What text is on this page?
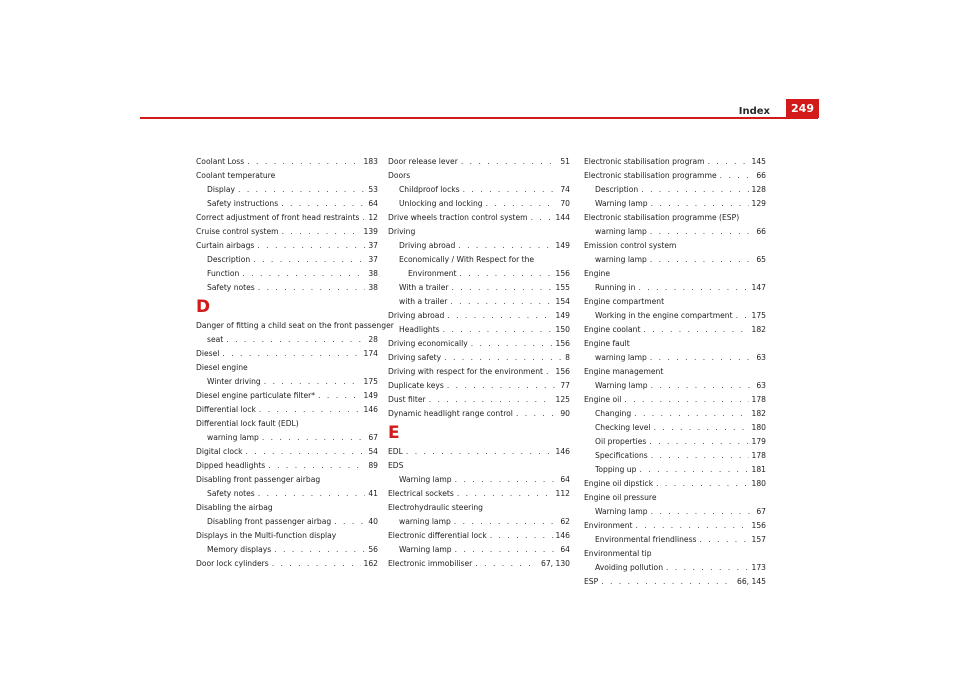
Index	249
Coolant Loss . . .	183
Coolant temperature
Display . . .	53
Safety instructions . . .	64
Correct adjustment of front head restraints . . . 12
Cruise control system . . .	139
Curtain airbags . . .	37
Description . . .	37
Function . . .	38
Safety notes . . .	38
D
Danger of fitting a child seat on the front passenger
seat . . .	28
Diesel . . .	174
Diesel engine
Winter driving . . .	175
Diesel engine particulate filter* . . .	149
Differential lock . . .	146
Differential lock fault (EDL)
warning lamp . . .	67
Digital clock . . .	54
Dipped headlights . . .	89
Disabling front passenger airbag
Safety notes . . .	41
Disabling the airbag
Disabling front passenger airbag . . .	40
Displays in the Multi-function display
Memory displays . . .	56
Door lock cylinders . . .	162
Door release lever . . .	51
Doors
Childproof locks . . .	74
Unlocking and locking . . .	70
Drive wheels traction control system . . .	144
Driving
Driving abroad . . .	149
Economically / With Respect for the
Environment . . .	156
With a trailer . . .	155
with a trailer . . .	154
Driving abroad . . .	149
Headlights . . .	150
Driving economically . . .	156
Driving safety . . .	8
Driving with respect for the environment . . . 156
Duplicate keys . . .	77
Dust filter . . .	125
Dynamic headlight range control . . .	90
E
EDL . . .	146
EDS
Warning lamp . . .	64
Electrical sockets . . .	112
Electrohydraulic steering
warning lamp . . .	62
Electronic differential lock . . .	146
Warning lamp . . .	64
Electronic immobiliser . . .	67, 130
Electronic stabilisation program . . .	145
Electronic stabilisation programme . . .	66
Description . . .	128
Warning lamp . . .	129
Electronic stabilisation programme (ESP)
warning lamp . . .	66
Emission control system
warning lamp . . .	65
Engine
Running in . . .	147
Engine compartment
Working in the engine compartment . . . 175
Engine coolant . . .	182
Engine fault
warning lamp . . .	63
Engine management
Warning lamp . . .	63
Engine oil . . .	178
Changing . . .	182
Checking level . . .	180
Oil properties . . .	179
Specifications . . .	178
Topping up . . .	181
Engine oil dipstick . . .	180
Engine oil pressure
Warning lamp . . .	67
Environment . . .	156
Environmental friendliness . . .	157
Environmental tip
Avoiding pollution . . .	173
ESP . . .	66, 145
